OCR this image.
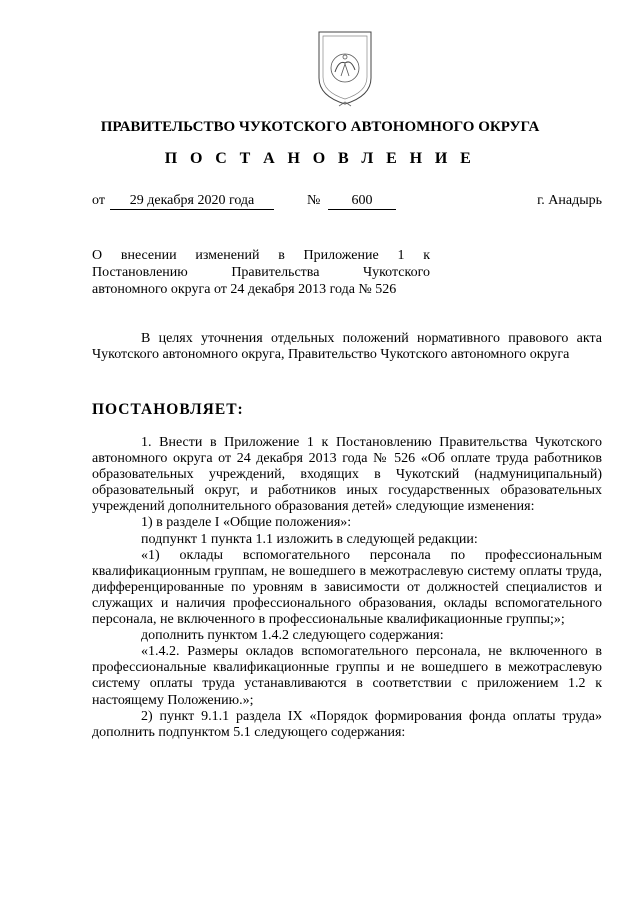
ПРАВИТЕЛЬСТВО ЧУКОТСКОГО АВТОНОМНОГО ОКРУГА
П О С Т А Н О В Л Е Н И Е
от	29 декабря 2020 года	№	600	г. Анадырь
О внесении изменений в Приложение 1 к
Постановлению Правительства Чукотского
автономного округа от 24 декабря 2013 года № 526

В целях уточнения отдельных положений нормативного правового акта Чукотского автономного округа, Правительство Чукотского автономного округа

ПОСТАНОВЛЯЕТ:

1. Внести в Приложение 1 к Постановлению Правительства Чукотского автономного округа от 24 декабря 2013 года № 526 «Об оплате труда работников образовательных учреждений, входящих в Чукотский (надмуниципальный) образовательный округ, и работников иных государственных образовательных учреждений дополнительного образования детей» следующие изменения:

1) в разделе I «Общие положения»:

подпункт 1 пункта 1.1 изложить в следующей редакции:

«1) оклады вспомогательного персонала по профессиональным квалификационным группам, не вошедшего в межотраслевую систему оплаты труда, дифференцированные по уровням в зависимости от должностей специалистов и служащих и наличия профессионального образования, оклады вспомогательного персонала, не включенного в профессиональные квалификационные группы;»;

дополнить пунктом 1.4.2 следующего содержания:

«1.4.2. Размеры окладов вспомогательного персонала, не включенного в профессиональные квалификационные группы и не вошедшего в межотраслевую систему оплаты труда устанавливаются в соответствии с приложением 1.2 к настоящему Положению.»;

2) пункт 9.1.1 раздела IX «Порядок формирования фонда оплаты труда» дополнить подпунктом 5.1 следующего содержания:
